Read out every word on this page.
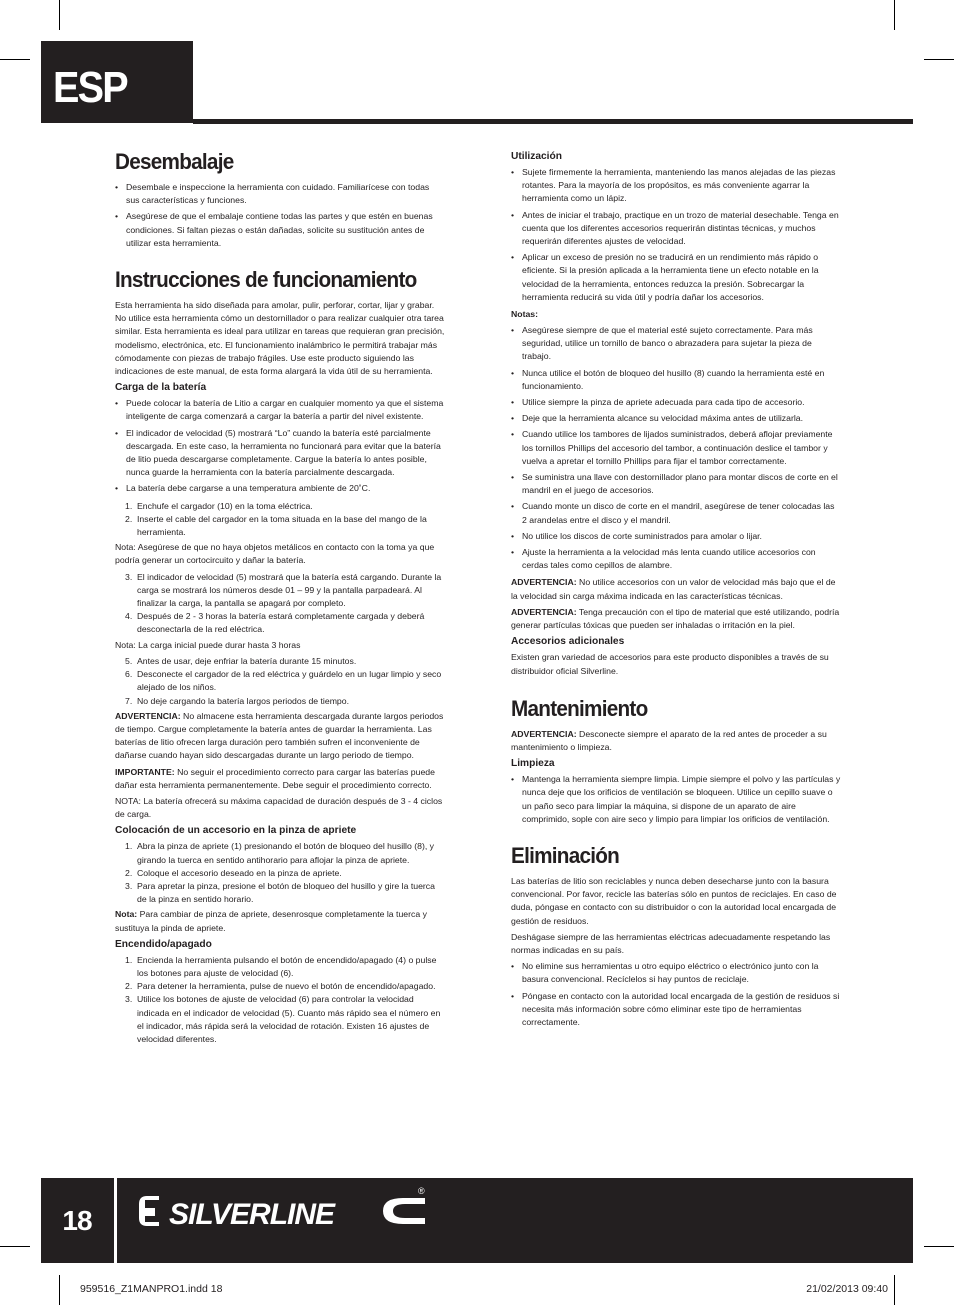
ESP
Desembalaje
• Desembale e inspeccione la herramienta con cuidado. Familiarícese con todas sus características y funciones.
• Asegúrese de que el embalaje contiene todas las partes y que estén en buenas condiciones. Si faltan piezas o están dañadas, solicite su sustitución antes de utilizar esta herramienta.
Instrucciones de funcionamiento

Esta herramienta ha sido diseñada para amolar, pulir, perforar, cortar, lijar y grabar. No utilice esta herramienta cómo un destornillador o para realizar cualquier otra tarea similar. Esta herramienta es ideal para utilizar en tareas que requieran gran precisión, modelismo, electrónica, etc. El funcionamiento inalámbrico le permitirá trabajar más cómodamente con piezas de trabajo frágiles. Use este producto siguiendo las indicaciones de este manual, de esta forma alargará la vida útil de su herramienta.

Carga de la batería
• Puede colocar la batería de Litio a cargar en cualquier momento ya que el sistema inteligente de carga comenzará a cargar la batería a partir del nivel existente.
• El indicador de velocidad (5) mostrará “Lo” cuando la batería esté parcialmente descargada. En este caso, la herramienta no funcionará para evitar que la batería de litio pueda descargarse completamente. Cargue la batería lo antes posible, nunca guarde la herramienta con la batería parcialmente descargada.
• La batería debe cargarse a una temperatura ambiente de 20˚C.
1. Enchufe el cargador (10) en la toma eléctrica.
2. Inserte el cable del cargador en la toma situada en la base del mango de la herramienta.

Nota: Asegúrese de que no haya objetos metálicos en contacto con la toma ya que podría generar un cortocircuito y dañar la batería.

3. El indicador de velocidad (5) mostrará que la batería está cargando. Durante la carga se mostrará los números desde 01 – 99 y la pantalla parpadeará. Al finalizar la carga, la pantalla se apagará por completo.
4. Después de 2 - 3 horas la batería estará completamente cargada y deberá desconectarla de la red eléctrica.

Nota: La carga inicial puede durar hasta 3 horas

5. Antes de usar, deje enfriar la batería durante 15 minutos.
6. Desconecte el cargador de la red eléctrica y guárdelo en un lugar limpio y seco alejado de los niños.
7. No deje cargando la batería largos periodos de tiempo.

ADVERTENCIA: No almacene esta herramienta descargada durante largos periodos de tiempo. Cargue completamente la batería antes de guardar la herramienta. Las baterías de litio ofrecen larga duración pero también sufren el inconveniente de dañarse cuando hayan sido descargadas durante un largo periodo de tiempo.

IMPORTANTE: No seguir el procedimiento correcto para cargar las baterías puede dañar esta herramienta permanentemente. Debe seguir el procedimiento correcto.

NOTA: La batería ofrecerá su máxima capacidad de duración después de 3 - 4 ciclos de carga.

Colocación de un accesorio en la pinza de apriete
1. Abra la pinza de apriete (1) presionando el botón de bloqueo del husillo (8), y girando la tuerca en sentido antihorario para aflojar la pinza de apriete.
2. Coloque el accesorio deseado en la pinza de apriete.
3. Para apretar la pinza, presione el botón de bloqueo del husillo y gire la tuerca de la pinza en sentido horario.

Nota: Para cambiar de pinza de apriete, desenrosque completamente la tuerca y sustituya la pinda de apriete.

Encendido/apagado
1. Encienda la herramienta pulsando el botón de encendido/apagado (4) o pulse los botones para ajuste de velocidad (6).
2. Para detener la herramienta, pulse de nuevo el botón de encendido/apagado.
3. Utilice los botones de ajuste de velocidad (6) para controlar la velocidad indicada en el indicador de velocidad (5). Cuanto más rápido sea el número en el indicador, más rápida será la velocidad de rotación. Existen 16 ajustes de velocidad diferentes.
Utilización
• Sujete firmemente la herramienta, manteniendo las manos alejadas de las piezas rotantes. Para la mayoría de los propósitos, es más conveniente agarrar la herramienta como un lápiz.
• Antes de iniciar el trabajo, practique en un trozo de material desechable. Tenga en cuenta que los diferentes accesorios requerirán distintas técnicas, y muchos requerirán diferentes ajustes de velocidad.
• Aplicar un exceso de presión no se traducirá en un rendimiento más rápido o eficiente. Si la presión aplicada a la herramienta tiene un efecto notable en la velocidad de la herramienta, entonces reduzca la presión. Sobrecargar la herramienta reducirá su vida útil y podría dañar los accesorios.
Notas:
• Asegúrese siempre de que el material esté sujeto correctamente. Para más seguridad, utilice un tornillo de banco o abrazadera para sujetar la pieza de trabajo.
• Nunca utilice el botón de bloqueo del husillo (8) cuando la herramienta esté en funcionamiento.
• Utilice siempre la pinza de apriete adecuada para cada tipo de accesorio.
• Deje que la herramienta alcance su velocidad máxima antes de utilizarla.
• Cuando utilice los tambores de lijados suministrados, deberá aflojar previamente los tornillos Phillips del accesorio del tambor, a continuación deslice el tambor y vuelva a apretar el tornillo Phillips para fijar el tambor correctamente.
• Se suministra una llave con destornillador plano para montar discos de corte en el mandril en el juego de accesorios.
• Cuando monte un disco de corte en el mandril, asegúrese de tener colocadas las 2 arandelas entre el disco y el mandril.
• No utilice los discos de corte suministrados para amolar o lijar.
• Ajuste la herramienta a la velocidad más lenta cuando utilice accesorios con cerdas tales como cepillos de alambre.

ADVERTENCIA: No utilice accesorios con un valor de velocidad más bajo que el de la velocidad sin carga máxima indicada en las características técnicas.

ADVERTENCIA: Tenga precaución con el tipo de material que esté utilizando, podría generar partículas tóxicas que pueden ser inhaladas o irritación en la piel.

Accesorios adicionales

Existen gran variedad de accesorios para este producto disponibles a través de su distribuidor oficial Silverline.

Mantenimiento

ADVERTENCIA: Desconecte siempre el aparato de la red antes de proceder a su mantenimiento o limpieza.

Limpieza
• Mantenga la herramienta siempre limpia. Limpie siempre el polvo y las partículas y nunca deje que los orificios de ventilación se bloqueen. Utilice un cepillo suave o un paño seco para limpiar la máquina, si dispone de un aparato de aire comprimido, sople con aire seco y limpio para limpiar los orificios de ventilación.
Eliminación

Las baterías de litio son reciclables y nunca deben desecharse junto con la basura convencional. Por favor, recicle las baterías sólo en puntos de reciclajes. En caso de duda, póngase en contacto con su distribuidor o con la autoridad local encargada de gestión de residuos.

Deshágase siempre de las herramientas eléctricas adecuadamente respetando las normas indicadas en su país.

• No elimine sus herramientas u otro equipo eléctrico o electrónico junto con la basura convencional. Recíclelos si hay puntos de reciclaje.
• Póngase en contacto con la autoridad local encargada de la gestión de residuos si necesita más información sobre cómo eliminar este tipo de herramientas correctamente.
18	SILVERLINE
®
959516_Z1MANPRO1.indd 18	21/02/2013 09:40
